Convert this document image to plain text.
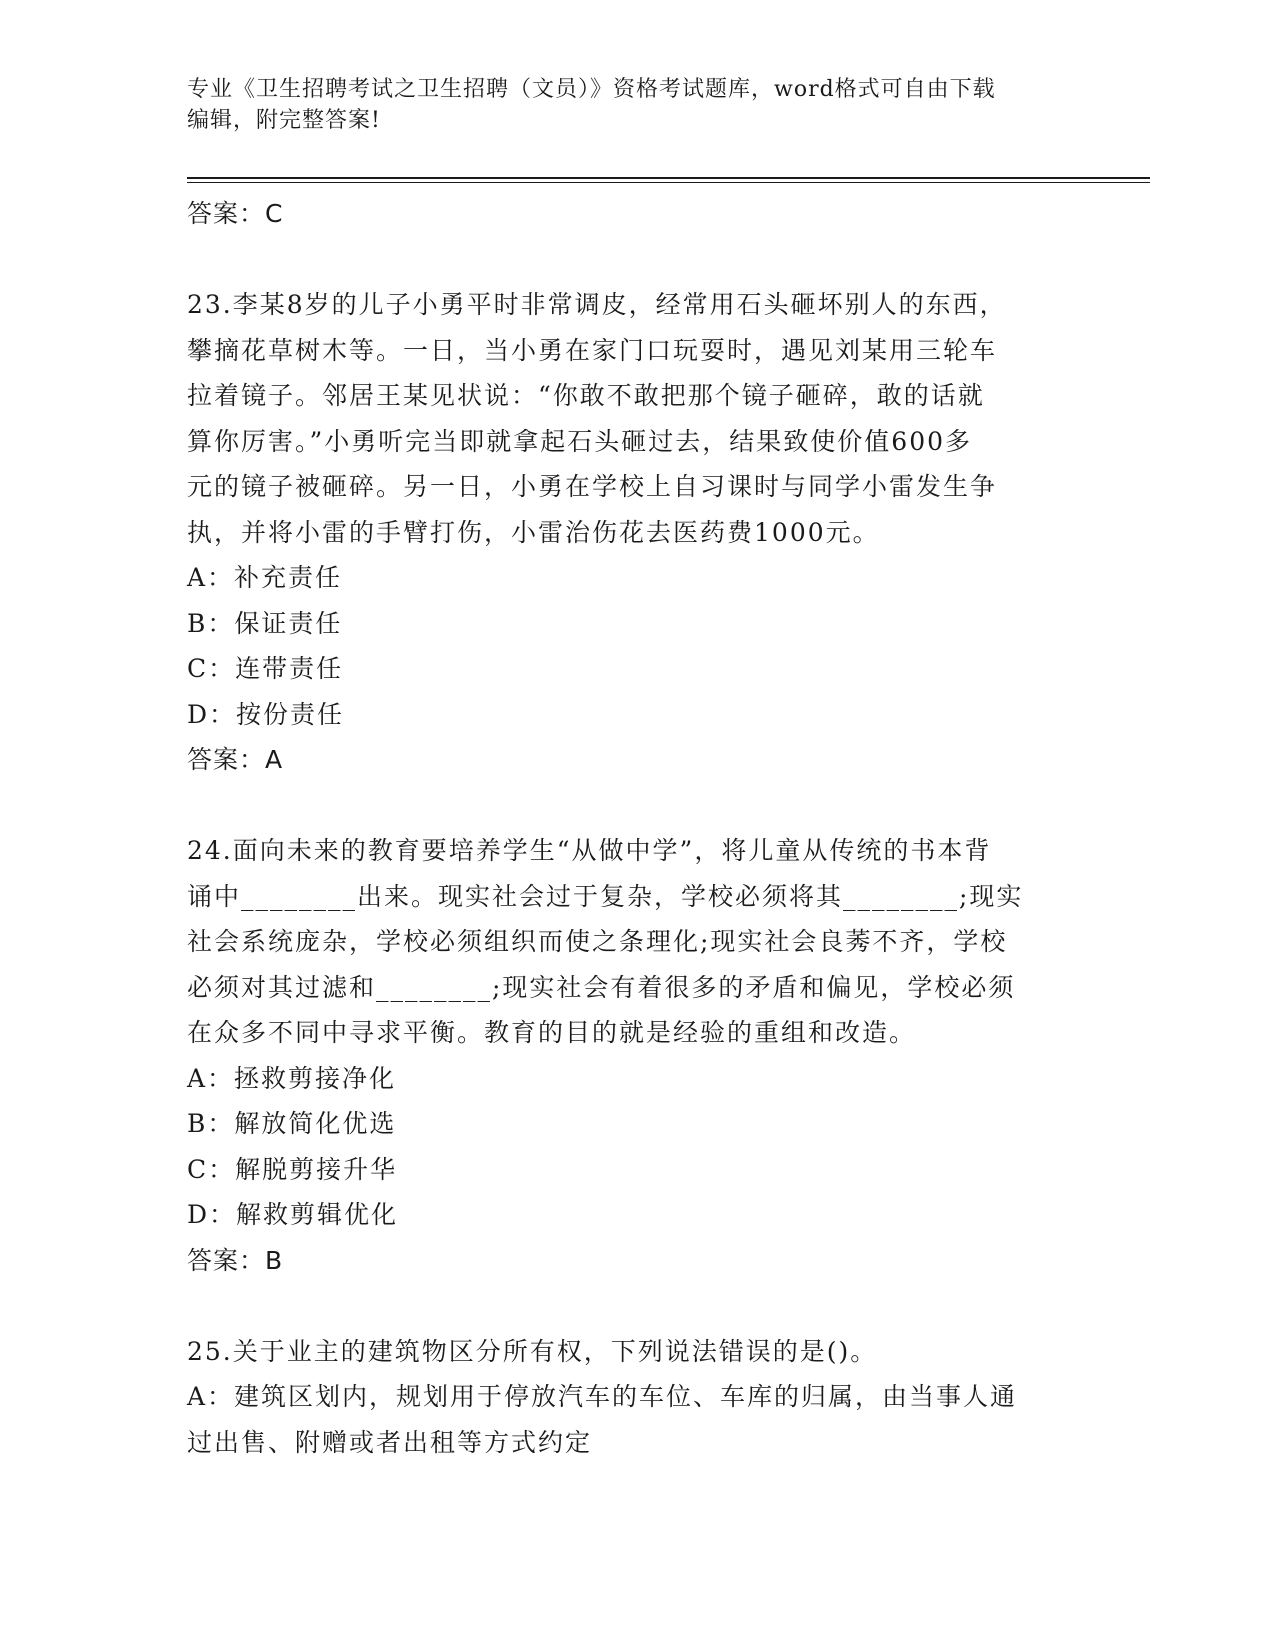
专业《卫生招聘考试之卫生招聘（文员）》资格考试题库，word格式可自由下载
编辑，附完整答案!
答案：C
23.李某8岁的儿子小勇平时非常调皮，经常用石头砸坏别人的东西，
攀摘花草树木等。一日，当小勇在家门口玩耍时，遇见刘某用三轮车
拉着镜子。邻居王某见状说：“你敢不敢把那个镜子砸碎，敢的话就
算你厉害。”小勇听完当即就拿起石头砸过去，结果致使价值600多
元的镜子被砸碎。另一日，小勇在学校上自习课时与同学小雷发生争
执，并将小雷的手臂打伤，小雷治伤花去医药费1000元。
A：补充责任
B：保证责任
C：连带责任
D：按份责任
答案：A
24.面向未来的教育要培养学生“从做中学”，将儿童从传统的书本背
诵中________出来。现实社会过于复杂，学校必须将其________;现实
社会系统庞杂，学校必须组织而使之条理化;现实社会良莠不齐，学校
必须对其过滤和________;现实社会有着很多的矛盾和偏见，学校必须
在众多不同中寻求平衡。教育的目的就是经验的重组和改造。
A：拯救剪接净化
B：解放简化优选
C：解脱剪接升华
D：解救剪辑优化
答案：B
25.关于业主的建筑物区分所有权，下列说法错误的是()。
A：建筑区划内，规划用于停放汽车的车位、车库的归属，由当事人通
过出售、附赠或者出租等方式约定
